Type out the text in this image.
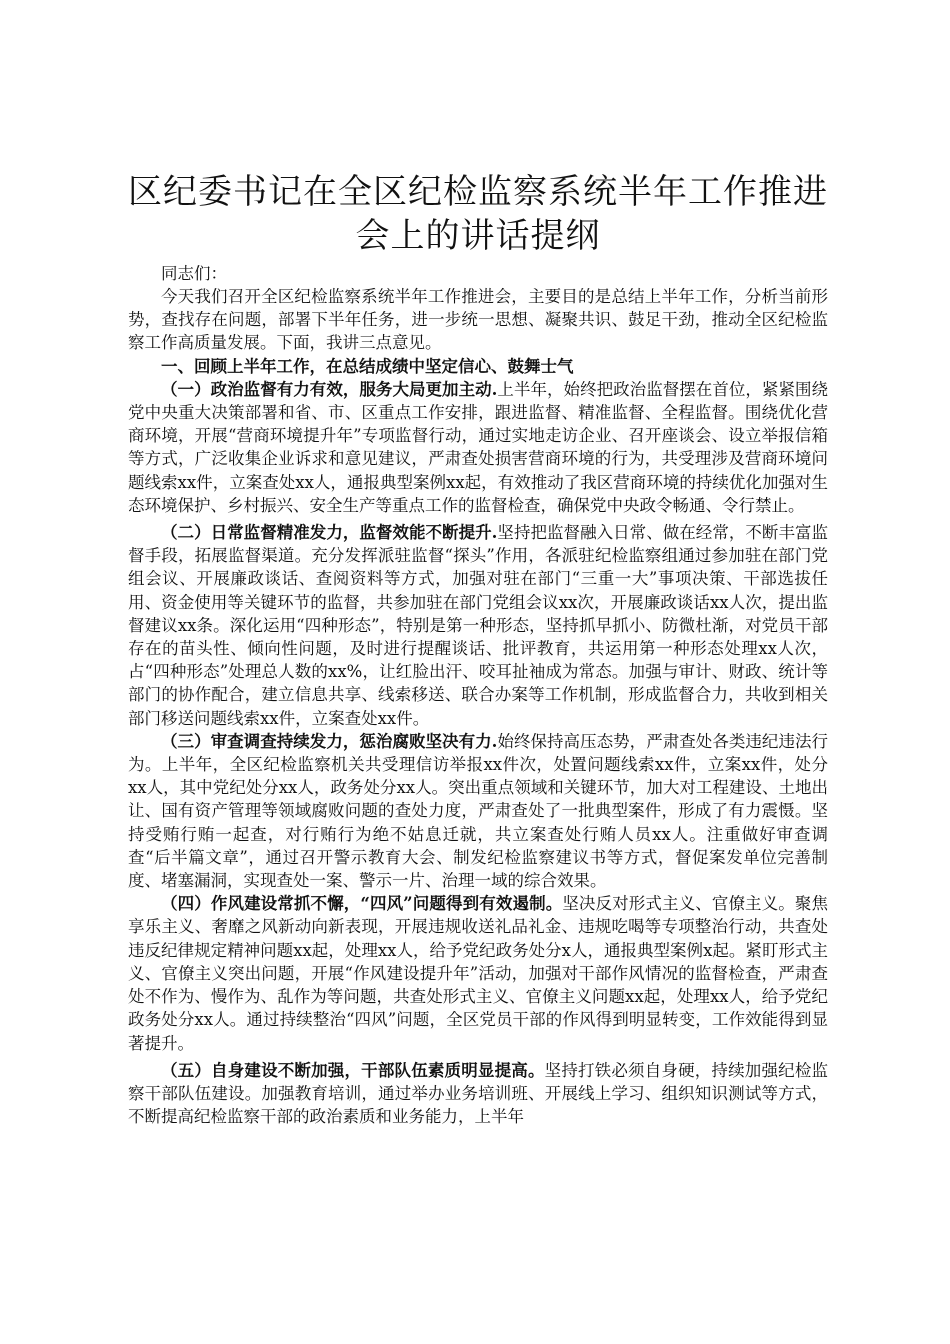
区纪委书记在全区纪检监察系统半年工作推进会上的讲话提纲

同志们：

今天我们召开全区纪检监察系统半年工作推进会，主要目的是总结上半年工作，分析当前形势，查找存在问题，部署下半年任务，进一步统一思想、凝聚共识、鼓足干劲，推动全区纪检监察工作高质量发展。下面，我讲三点意见。

一、回顾上半年工作，在总结成绩中坚定信心、鼓舞士气

（一）政治监督有力有效，服务大局更加主动.上半年，始终把政治监督摆在首位，紧紧围绕党中央重大决策部署和省、市、区重点工作安排，跟进监督、精准监督、全程监督。围绕优化营商环境，开展“营商环境提升年”专项监督行动，通过实地走访企业、召开座谈会、设立举报信箱等方式，广泛收集企业诉求和意见建议，严肃查处损害营商环境的行为，共受理涉及营商环境问题线索xx件，立案查处xx人，通报典型案例xx起，有效推动了我区营商环境的持续优化加强对生态环境保护、乡村振兴、安全生产等重点工作的监督检查，确保党中央政令畅通、令行禁止。

（二）日常监督精准发力，监督效能不断提升.坚持把监督融入日常、做在经常，不断丰富监督手段，拓展监督渠道。充分发挥派驻监督“探头”作用，各派驻纪检监察组通过参加驻在部门党组会议、开展廉政谈话、查阅资料等方式，加强对驻在部门“三重一大”事项决策、干部选拔任用、资金使用等关键环节的监督，共参加驻在部门党组会议xx次，开展廉政谈话xx人次，提出监督建议xx条。深化运用“四种形态”，特别是第一种形态，坚持抓早抓小、防微杜渐，对党员干部存在的苗头性、倾向性问题，及时进行提醒谈话、批评教育，共运用第一种形态处理xx人次，占“四种形态”处理总人数的xx%，让红脸出汗、咬耳扯袖成为常态。加强与审计、财政、统计等部门的协作配合，建立信息共享、线索移送、联合办案等工作机制，形成监督合力，共收到相关部门移送问题线索xx件，立案查处xx件。

（三）审查调查持续发力，惩治腐败坚决有力.始终保持高压态势，严肃查处各类违纪违法行为。上半年，全区纪检监察机关共受理信访举报xx件次，处置问题线索xx件，立案xx件，处分xx人，其中党纪处分xx人，政务处分xx人。突出重点领域和关键环节，加大对工程建设、土地出让、国有资产管理等领域腐败问题的查处力度，严肃查处了一批典型案件，形成了有力震慑。坚持受贿行贿一起查，对行贿行为绝不姑息迁就，共立案查处行贿人员xx人。注重做好审查调查“后半篇文章”，通过召开警示教育大会、制发纪检监察建议书等方式，督促案发单位完善制度、堵塞漏洞，实现查处一案、警示一片、治理一域的综合效果。

（四）作风建设常抓不懈，“四风”问题得到有效遏制。坚决反对形式主义、官僚主义。聚焦享乐主义、奢靡之风新动向新表现，开展违规收送礼品礼金、违规吃喝等专项整治行动，共查处违反纪律规定精神问题xx起，处理xx人，给予党纪政务处分x人，通报典型案例x起。紧盯形式主义、官僚主义突出问题，开展“作风建设提升年”活动，加强对干部作风情况的监督检查，严肃查处不作为、慢作为、乱作为等问题，共查处形式主义、官僚主义问题xx起，处理xx人，给予党纪政务处分xx人。通过持续整治“四风”问题，全区党员干部的作风得到明显转变，工作效能得到显著提升。

（五）自身建设不断加强，干部队伍素质明显提高。坚持打铁必须自身硬，持续加强纪检监察干部队伍建设。加强教育培训，通过举办业务培训班、开展线上学习、组织知识测试等方式，不断提高纪检监察干部的政治素质和业务能力，上半年
